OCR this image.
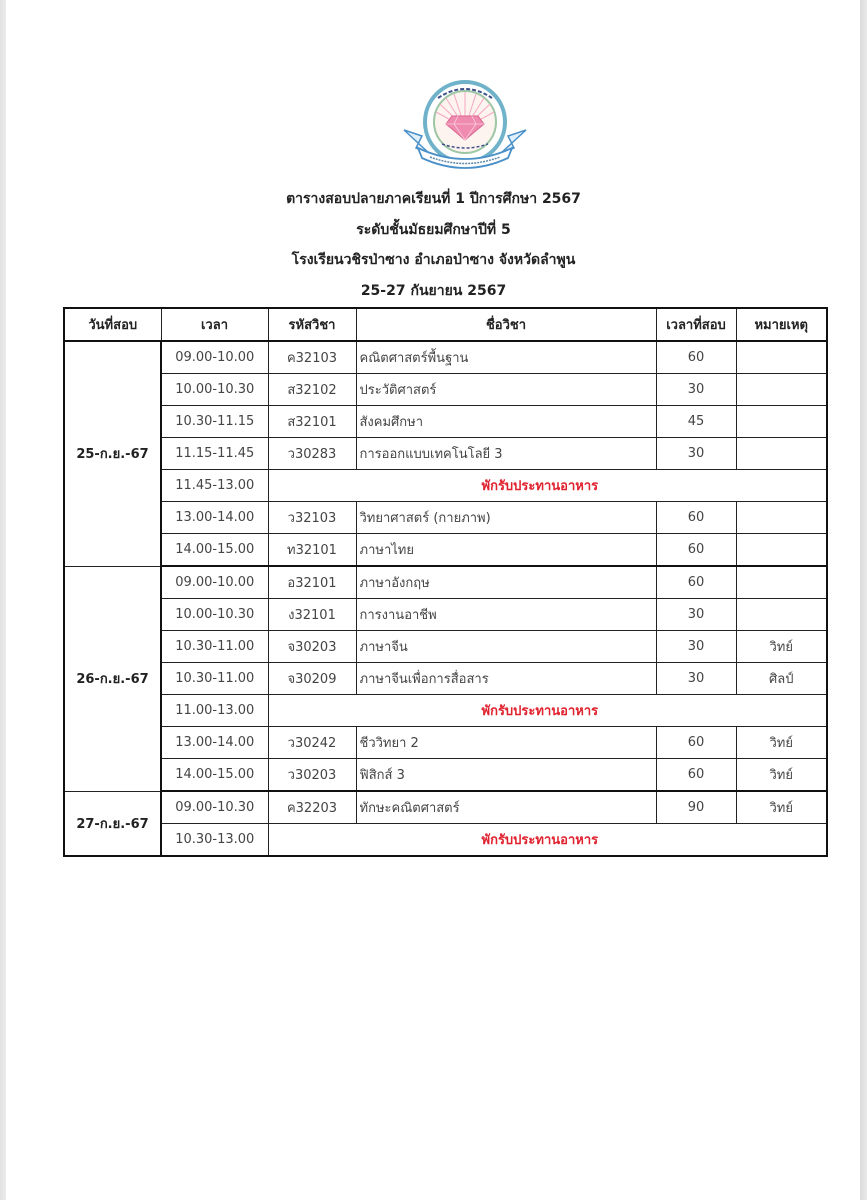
ตารางสอบปลายภาคเรียนที่ 1 ปีการศึกษา 2567
ระดับชั้นมัธยมศึกษาปีที่ 5
โรงเรียนวชิรป่าซาง อำเภอป่าซาง จังหวัดลำพูน
25-27 กันยายน 2567
วันที่สอบ	เวลา	รหัสวิชา	ชื่อวิชา	เวลาที่สอบ	หมายเหตุ
25-ก.ย.-67	09.00-10.00	ค32103	คณิตศาสตร์พื้นฐาน	60	
	10.00-10.30	ส32102	ประวัติศาสตร์	30	
	10.30-11.15	ส32101	สังคมศึกษา	45	
	11.15-11.45	ว30283	การออกแบบเทคโนโลยี 3	30	
	11.45-13.00	พักรับประทานอาหาร			
	13.00-14.00	ว32103	วิทยาศาสตร์ (กายภาพ)	60	
	14.00-15.00	ท32101	ภาษาไทย	60	
26-ก.ย.-67	09.00-10.00	อ32101	ภาษาอังกฤษ	60	
	10.00-10.30	ง32101	การงานอาชีพ	30	
	10.30-11.00	จ30203	ภาษาจีน	30	วิทย์
	10.30-11.00	จ30209	ภาษาจีนเพื่อการสื่อสาร	30	ศิลป์
	11.00-13.00	พักรับประทานอาหาร			
	13.00-14.00	ว30242	ชีววิทยา 2	60	วิทย์
	14.00-15.00	ว30203	ฟิสิกส์ 3	60	วิทย์
27-ก.ย.-67	09.00-10.30	ค32203	ทักษะคณิตศาสตร์	90	วิทย์
	10.30-13.00	พักรับประทานอาหาร			
